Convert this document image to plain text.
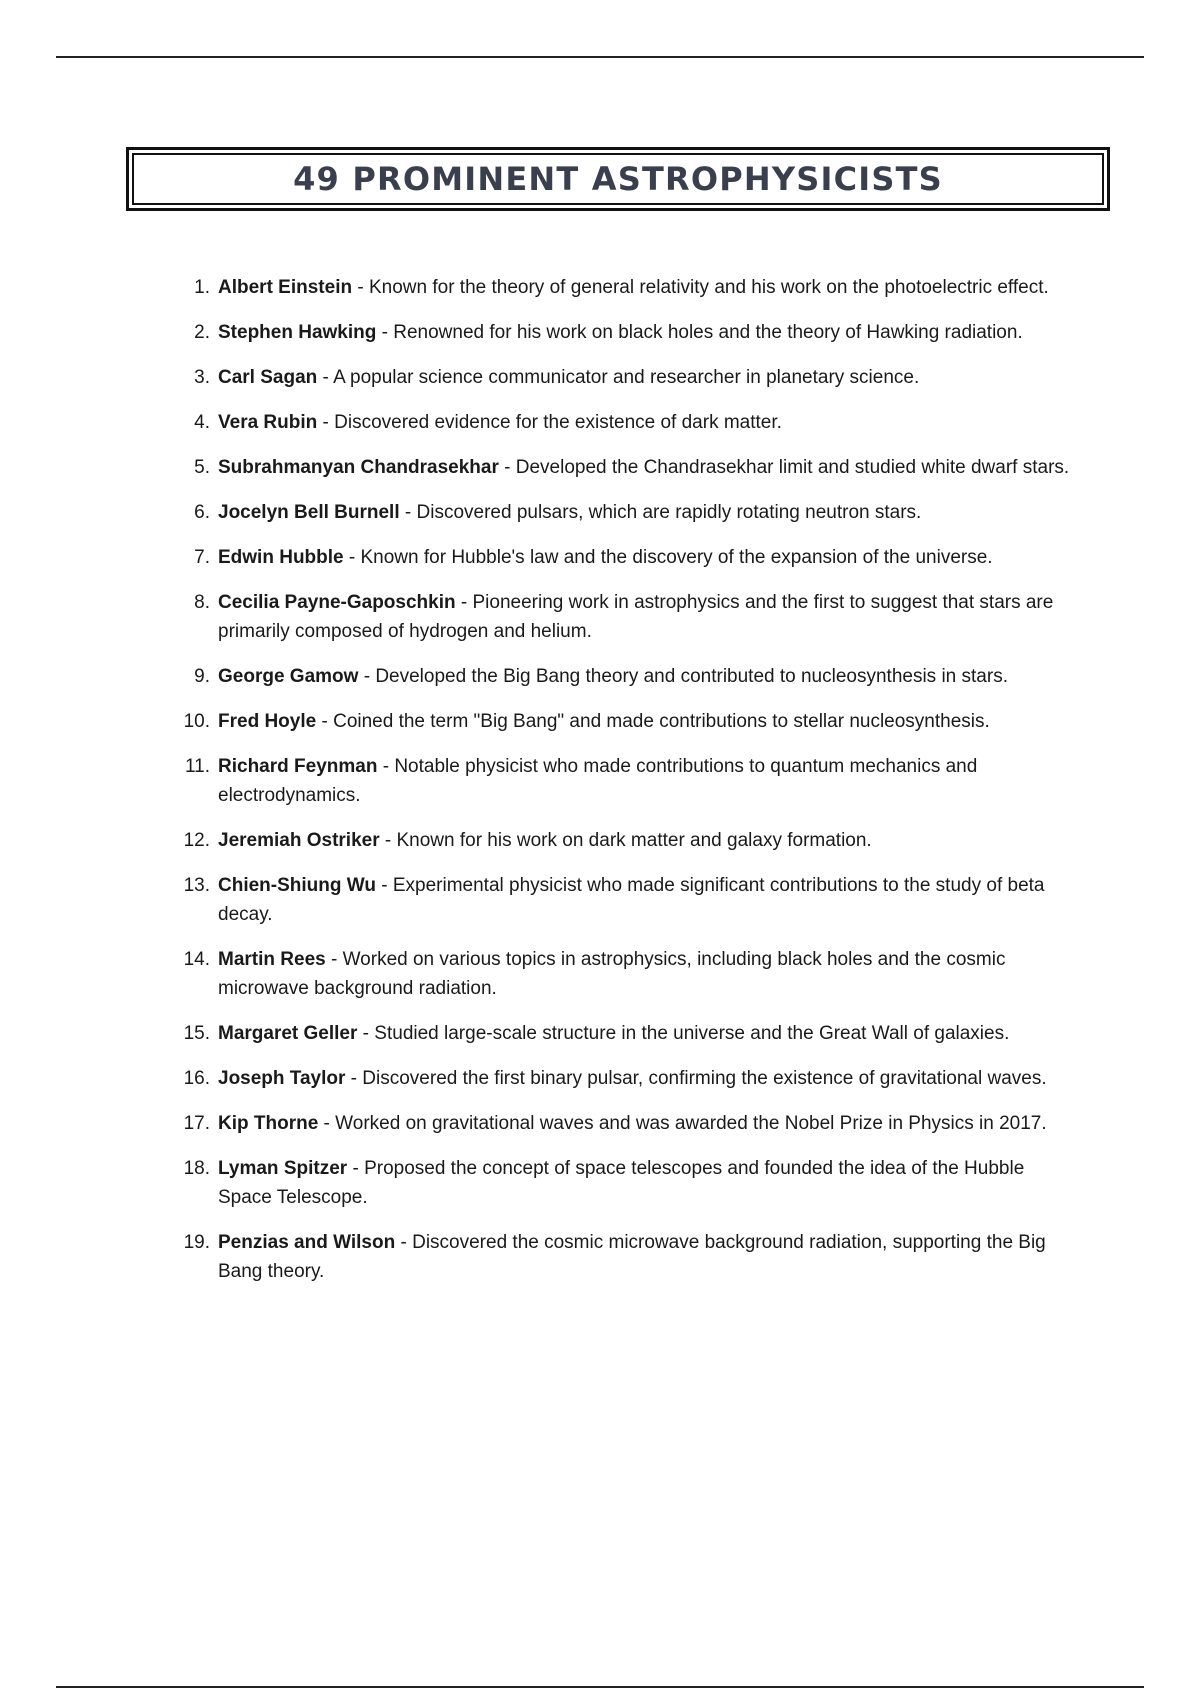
49 PROMINENT ASTROPHYSICISTS
1. Albert Einstein - Known for the theory of general relativity and his work on the photoelectric effect.
2. Stephen Hawking - Renowned for his work on black holes and the theory of Hawking radiation.
3. Carl Sagan - A popular science communicator and researcher in planetary science.
4. Vera Rubin - Discovered evidence for the existence of dark matter.
5. Subrahmanyan Chandrasekhar - Developed the Chandrasekhar limit and studied white dwarf stars.
6. Jocelyn Bell Burnell - Discovered pulsars, which are rapidly rotating neutron stars.
7. Edwin Hubble - Known for Hubble's law and the discovery of the expansion of the universe.
8. Cecilia Payne-Gaposchkin - Pioneering work in astrophysics and the first to suggest that stars are primarily composed of hydrogen and helium.
9. George Gamow - Developed the Big Bang theory and contributed to nucleosynthesis in stars.
10. Fred Hoyle - Coined the term "Big Bang" and made contributions to stellar nucleosynthesis.
11. Richard Feynman - Notable physicist who made contributions to quantum mechanics and electrodynamics.
12. Jeremiah Ostriker - Known for his work on dark matter and galaxy formation.
13. Chien-Shiung Wu - Experimental physicist who made significant contributions to the study of beta decay.
14. Martin Rees - Worked on various topics in astrophysics, including black holes and the cosmic microwave background radiation.
15. Margaret Geller - Studied large-scale structure in the universe and the Great Wall of galaxies.
16. Joseph Taylor - Discovered the first binary pulsar, confirming the existence of gravitational waves.
17. Kip Thorne - Worked on gravitational waves and was awarded the Nobel Prize in Physics in 2017.
18. Lyman Spitzer - Proposed the concept of space telescopes and founded the idea of the Hubble Space Telescope.
19. Penzias and Wilson - Discovered the cosmic microwave background radiation, supporting the Big Bang theory.
